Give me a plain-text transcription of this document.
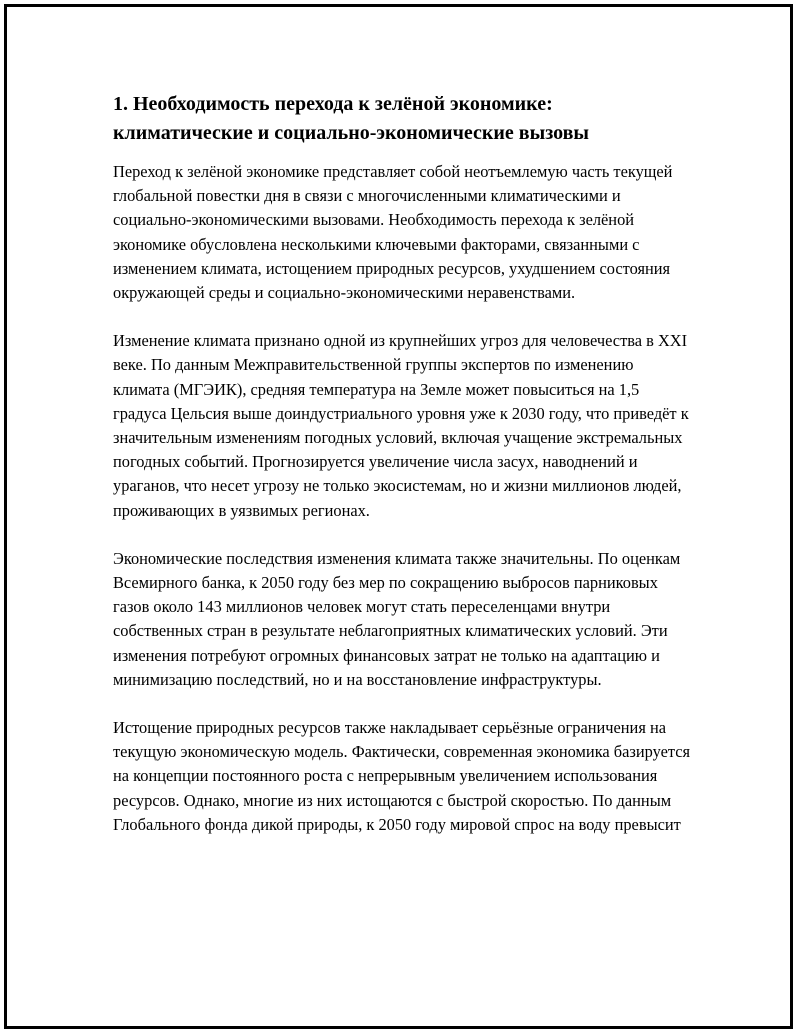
1. Необходимость перехода к зелёной экономике: климатические и социально-экономические вызовы

Переход к зелёной экономике представляет собой неотъемлемую часть текущей глобальной повестки дня в связи с многочисленными климатическими и социально-экономическими вызовами. Необходимость перехода к зелёной экономике обусловлена несколькими ключевыми факторами, связанными с изменением климата, истощением природных ресурсов, ухудшением состояния окружающей среды и социально-экономическими неравенствами.

Изменение климата признано одной из крупнейших угроз для человечества в XXI веке. По данным Межправительственной группы экспертов по изменению климата (МГЭИК), средняя температура на Земле может повыситься на 1,5 градуса Цельсия выше доиндустриального уровня уже к 2030 году, что приведёт к значительным изменениям погодных условий, включая учащение экстремальных погодных событий. Прогнозируется увеличение числа засух, наводнений и ураганов, что несет угрозу не только экосистемам, но и жизни миллионов людей, проживающих в уязвимых регионах.

Экономические последствия изменения климата также значительны. По оценкам Всемирного банка, к 2050 году без мер по сокращению выбросов парниковых газов около 143 миллионов человек могут стать переселенцами внутри собственных стран в результате неблагоприятных климатических условий. Эти изменения потребуют огромных финансовых затрат не только на адаптацию и минимизацию последствий, но и на восстановление инфраструктуры.

Истощение природных ресурсов также накладывает серьёзные ограничения на текущую экономическую модель. Фактически, современная экономика базируется на концепции постоянного роста с непрерывным увеличением использования ресурсов. Однако, многие из них истощаются с быстрой скоростью. По данным Глобального фонда дикой природы, к 2050 году мировой спрос на воду превысит
